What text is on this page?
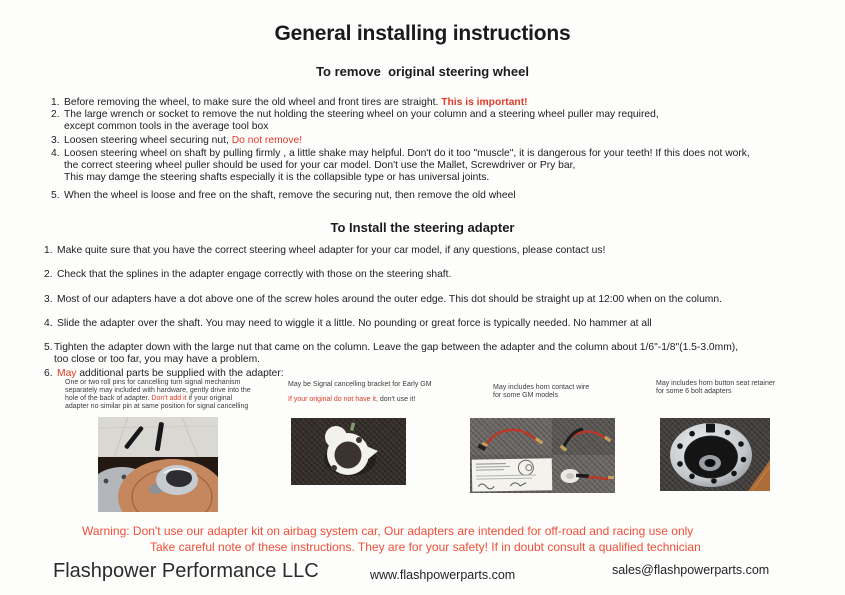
General installing instructions
To remove  original steering wheel
1. Before removing the wheel, to make sure the old wheel and front tires are straight. This is important!
2. The large wrench or socket to remove the nut holding the steering wheel on your column and a steering wheel puller may required,
except common tools in the average tool box
3. Loosen steering wheel securing nut, Do not remove!
4. Loosen steering wheel on shaft by pulling firmly , a little shake may helpful. Don't do it too "muscle", it is dangerous for your teeth! If this does not work,
the correct steering wheel puller should be used for your car model. Don't use the Mallet, Screwdriver or Pry bar,
This may damge the steering shafts especially it is the collapsible type or has universal joints.
5. When the wheel is loose and free on the shaft, remove the securing nut, then remove the old wheel
To Install the steering adapter
1. Make quite sure that you have the correct steering wheel adapter for your car model, if any questions, please contact us!
2. Check that the splines in the adapter engage correctly with those on the steering shaft.
3. Most of our adapters have a dot above one of the screw holes around the outer edge. This dot should be straight up at 12:00 when on the column.
4. Slide the adapter over the shaft. You may need to wiggle it a little. No pounding or great force is typically needed. No hammer at all
5. Tighten the adapter down with the large nut that came on the column. Leave the gap between the adapter and the column about 1/6"-1/8"(1.5-3.0mm),
too close or too far, you may have a problem.
6. May additional parts be supplied with the adapter:
One or two roll pins for cancelling turn signal mechanism
separately may included with hardware, gently drive into the
hole of the back of adapter. Don't add it if your original
adapter no similar pin at same position for signal cancelling
May be Signal cancelling bracket for Early GM
If your original do not have it, don't use it!
May includes horn contact wire
for some GM models
May includes horn button seat retainer
for some 6 bolt adapters
Warning: Don't use our adapter kit on airbag system car, Our adapters are intended for off-road and racing use only
Take careful note of these instructions. They are for your safety! If in doubt consult a qualified technician
Flashpower Performance LLC	www.flashpowerparts.com	sales@flashpowerparts.com
